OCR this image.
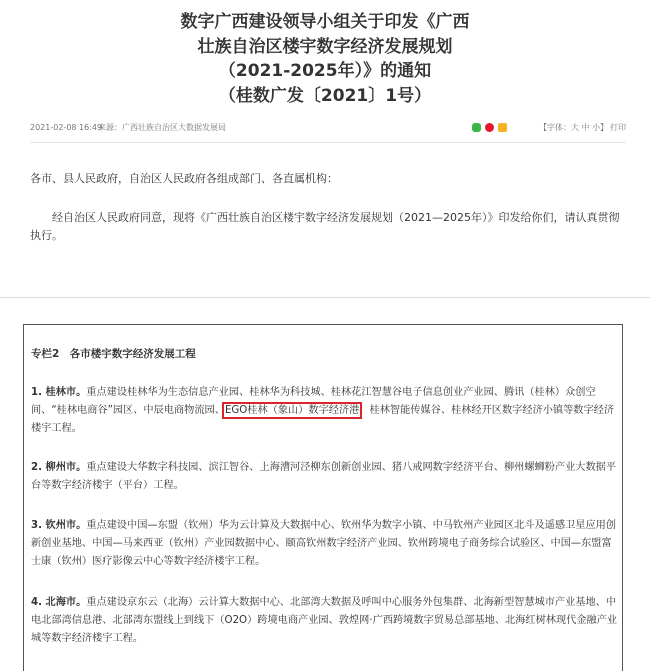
数字广西建设领导小组关于印发《广西
壮族自治区楼宇数字经济发展规划
（2021-2025年）》的通知
（桂数广发〔2021〕1号）
2021-02-08 16:49
来源：广西壮族自治区大数据发展局	【字体：大 中 小】 打印
各市、县人民政府，自治区人民政府各组成部门、各直属机构：
经自治区人民政府同意，现将《广西壮族自治区楼宇数字经济发展规划（2021—2025年）》印发给你们，请认真贯彻执行。
专栏2　各市楼宇数字经济发展工程
1. 桂林市。重点建设桂林华为生态信息产业园、桂林华为科技城、桂林花江智慧谷电子信息创业产业园、腾讯（桂林）众创空间、“桂林电商谷”园区、中辰电商物流园、EGO桂林（象山）数字经济港、桂林智能传媒谷、桂林经开区数字经济小镇等数字经济楼宇工程。
2. 柳州市。重点建设大华数字科技园、滨江智谷、上海漕河泾柳东创新创业园、猪八戒网数字经济平台、柳州螺蛳粉产业大数据平台等数字经济楼宇（平台）工程。
3. 钦州市。重点建设中国—东盟（钦州）华为云计算及大数据中心、钦州华为数字小镇、中马钦州产业园区北斗及遥感卫星应用创新创业基地、中国—马来西亚（钦州）产业园数据中心、颐高钦州数字经济产业园、钦州跨境电子商务综合试验区、中国—东盟富士康（钦州）医疗影像云中心等数字经济楼宇工程。
4. 北海市。重点建设京东云（北海）云计算大数据中心、北部湾大数据及呼叫中心服务外包集群、北海新型智慧城市产业基地、中电北部湾信息港、北部湾东盟线上到线下（O2O）跨境电商产业园、敦煌网·广西跨境数字贸易总部基地、北海红树林现代金融产业城等数字经济楼宇工程。
